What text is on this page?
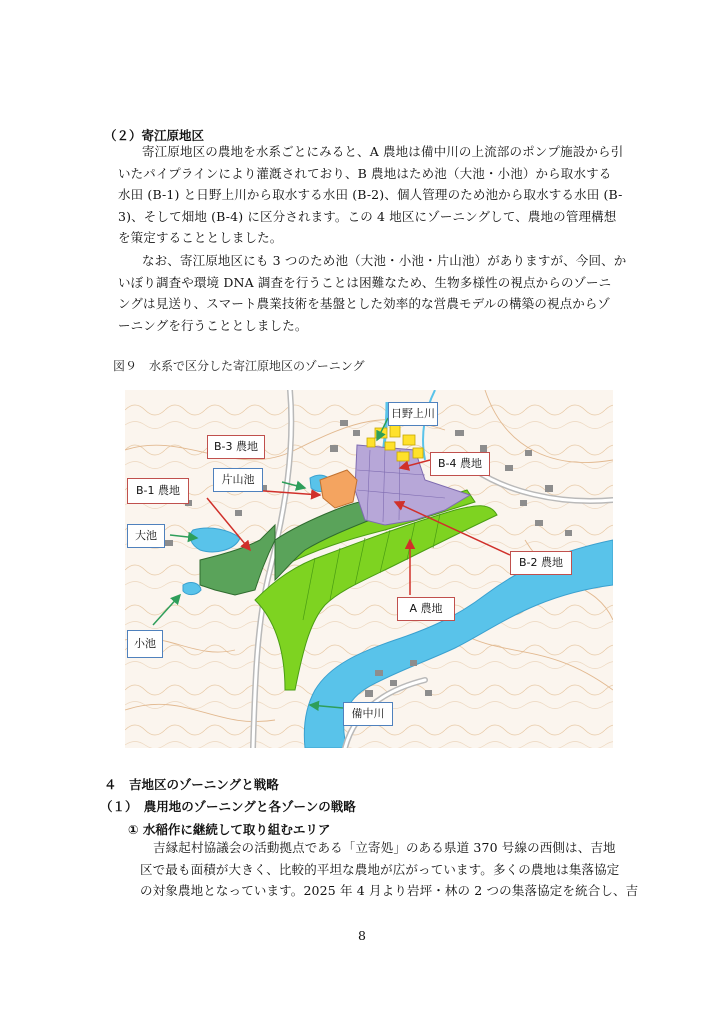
（２）寄江原地区
寄江原地区の農地を水系ごとにみると、A 農地は備中川の上流部のポンプ施設から引
いたパイプラインにより灌漑されており、B 農地はため池（大池・小池）から取水する
水田 (B-1) と日野上川から取水する水田 (B-2)、個人管理のため池から取水する水田 (B-
3)、そして畑地 (B-4) に区分されます。この 4 地区にゾーニングして、農地の管理構想
を策定することとしました。
なお、寄江原地区にも 3 つのため池（大池・小池・片山池）がありますが、今回、か
いぼり調査や環境 DNA 調査を行うことは困難なため、生物多様性の視点からのゾーニ
ングは見送り、スマート農業技術を基盤とした効率的な営農モデルの構築の視点からゾ
ーニングを行うこととしました。
図９　水系で区分した寄江原地区のゾーニング
日野上川
B-3 農地
B-4 農地
片山池
B-1 農地
大池
B-2 農地
A 農地
小池
備中川
４　吉地区のゾーニングと戦略
（１）　農用地のゾーニングと各ゾーンの戦略
① 水稲作に継続して取り組むエリア
吉縁起村協議会の活動拠点である「立寄処」のある県道 370 号線の西側は、吉地
区で最も面積が大きく、比較的平坦な農地が広がっています。多くの農地は集落協定
の対象農地となっています。2025 年 4 月より岩坪・林の 2 つの集落協定を統合し、吉
8
